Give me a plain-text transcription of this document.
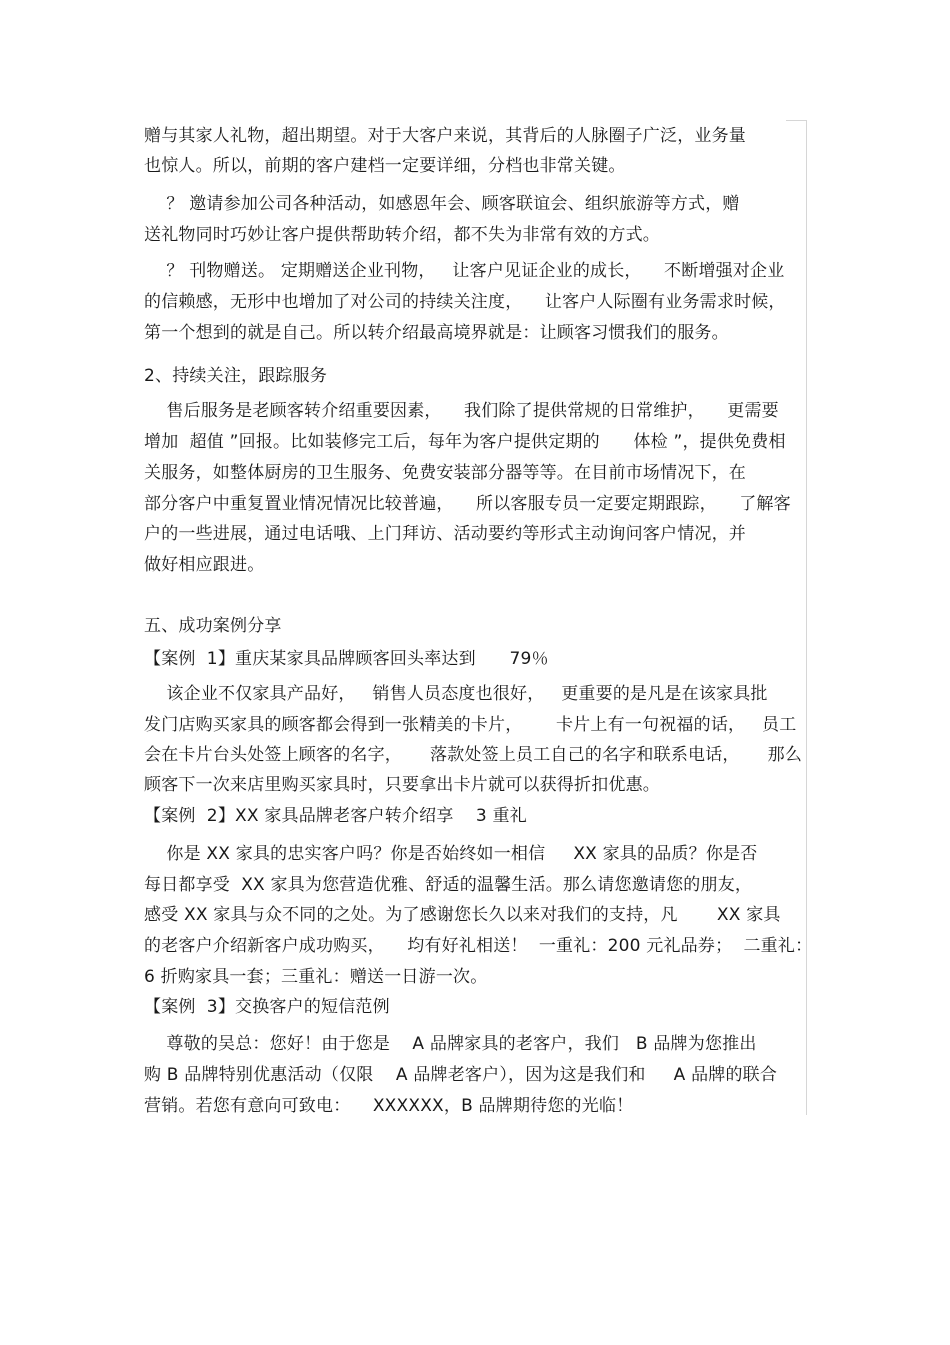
赠与其家人礼物，超出期望。对于大客户来说，其背后的人脉圈子广泛，业务量
也惊人。所以，前期的客户建档一定要详细，分档也非常关键。
？ 邀请参加公司各种活动，如感恩年会、顾客联谊会、组织旅游等方式，赠
送礼物同时巧妙让客户提供帮助转介绍，都不失为非常有效的方式。
？ 刊物赠送。 定期赠送企业刊物，   让客户见证企业的成长，    不断增强对企业
的信赖感，无形中也增加了对公司的持续关注度，    让客户人际圈有业务需求时候，
第一个想到的就是自己。所以转介绍最高境界就是：让顾客习惯我们的服务。
2、持续关注，跟踪服务
售后服务是老顾客转介绍重要因素，    我们除了提供常规的日常维护，    更需要
增加  超值 ”回报。比如装修完工后，每年为客户提供定期的      体检 ”，提供免费相
关服务，如整体厨房的卫生服务、免费安装部分器等等。在目前市场情况下，在
部分客户中重复置业情况情况比较普遍，    所以客服专员一定要定期跟踪，    了解客
户的一些进展，通过电话哦、上门拜访、活动要约等形式主动询问客户情况，并
做好相应跟进。
五、成功案例分享
【案例  1】重庆某家具品牌顾客回头率达到      79％
该企业不仅家具产品好，   销售人员态度也很好，   更重要的是凡是在该家具批
发门店购买家具的顾客都会得到一张精美的卡片，      卡片上有一句祝福的话，   员工
会在卡片台头处签上顾客的名字，     落款处签上员工自己的名字和联系电话，     那么
顾客下一次来店里购买家具时，只要拿出卡片就可以获得折扣优惠。
【案例  2】XX 家具品牌老客户转介绍享    3 重礼
你是 XX 家具的忠实客户吗？你是否始终如一相信     XX 家具的品质？你是否
每日都享受  XX 家具为您营造优雅、舒适的温馨生活。那么请您邀请您的朋友，
感受 XX 家具与众不同的之处。为了感谢您长久以来对我们的支持，凡       XX 家具
的老客户介绍新客户成功购买，    均有好礼相送！  一重礼：200 元礼品券；  二重礼：
6 折购家具一套；三重礼：赠送一日游一次。
【案例  3】交换客户的短信范例
尊敬的吴总：您好！由于您是    A 品牌家具的老客户，我们   B 品牌为您推出
购 B 品牌特别优惠活动（仅限    A 品牌老客户），因为这是我们和     A 品牌的联合
营销。若您有意向可致电：    XXXXXX，B 品牌期待您的光临！
